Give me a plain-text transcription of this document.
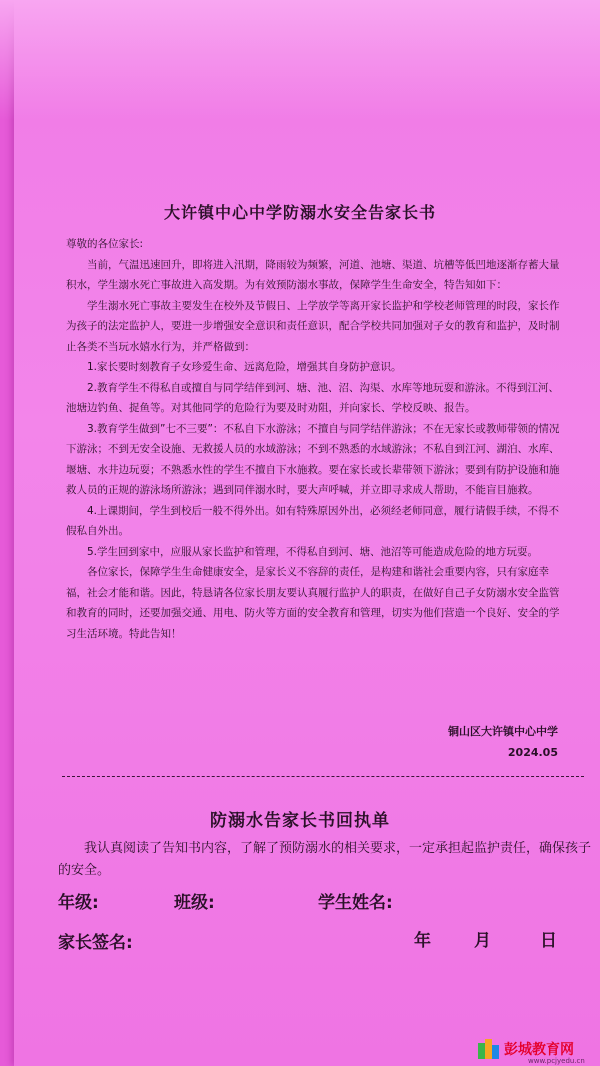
大许镇中心中学防溺水安全告家长书

尊敬的各位家长:

当前，气温迅速回升，即将进入汛期，降雨较为频繁，河道、池塘、渠道、坑槽等低凹地逐渐存蓄大量积水，学生溺水死亡事故进入高发期。为有效预防溺水事故，保障学生生命安全，特告知如下：

学生溺水死亡事故主要发生在校外及节假日、上学放学等离开家长监护和学校老师管理的时段，家长作为孩子的法定监护人，要进一步增强安全意识和责任意识，配合学校共同加强对子女的教育和监护，及时制止各类不当玩水嬉水行为，并严格做到：

1.家长要时刻教育子女珍爱生命、远离危险，增强其自身防护意识。

2.教育学生不得私自或擅自与同学结伴到河、塘、池、沼、沟渠、水库等地玩耍和游泳。不得到江河、池塘边钓鱼、捉鱼等。对其他同学的危险行为要及时劝阻，并向家长、学校反映、报告。

3.教育学生做到”七不三要”：不私自下水游泳；不擅自与同学结伴游泳；不在无家长或教师带领的情况下游泳；不到无安全设施、无救援人员的水域游泳；不到不熟悉的水域游泳；不私自到江河、湖泊、水库、堰塘、水井边玩耍；不熟悉水性的学生不擅自下水施救。要在家长或长辈带领下游泳；要到有防护设施和施救人员的正规的游泳场所游泳；遇到同伴溺水时，要大声呼喊，并立即寻求成人帮助，不能盲目施救。

4.上课期间，学生到校后一般不得外出。如有特殊原因外出，必须经老师同意，履行请假手续，不得不假私自外出。

5.学生回到家中，应服从家长监护和管理，不得私自到河、塘、池沼等可能造成危险的地方玩耍。

各位家长，保障学生生命健康安全，是家长义不容辞的责任，是构建和谐社会重要内容，只有家庭幸福，社会才能和谐。因此，特恳请各位家长朋友要认真履行监护人的职责，在做好自己子女防溺水安全监管和教育的同时，还要加强交通、用电、防火等方面的安全教育和管理，切实为他们营造一个良好、安全的学习生活环境。特此告知！

铜山区大许镇中心中学
2024.05
防溺水告家长书回执单

我认真阅读了告知书内容，了解了预防溺水的相关要求，一定承担起监护责任，确保孩子的安全。

年级:	班级:	学生姓名:
家长签名:	年	月	日
彭城教育网
www.pcjyedu.cn
